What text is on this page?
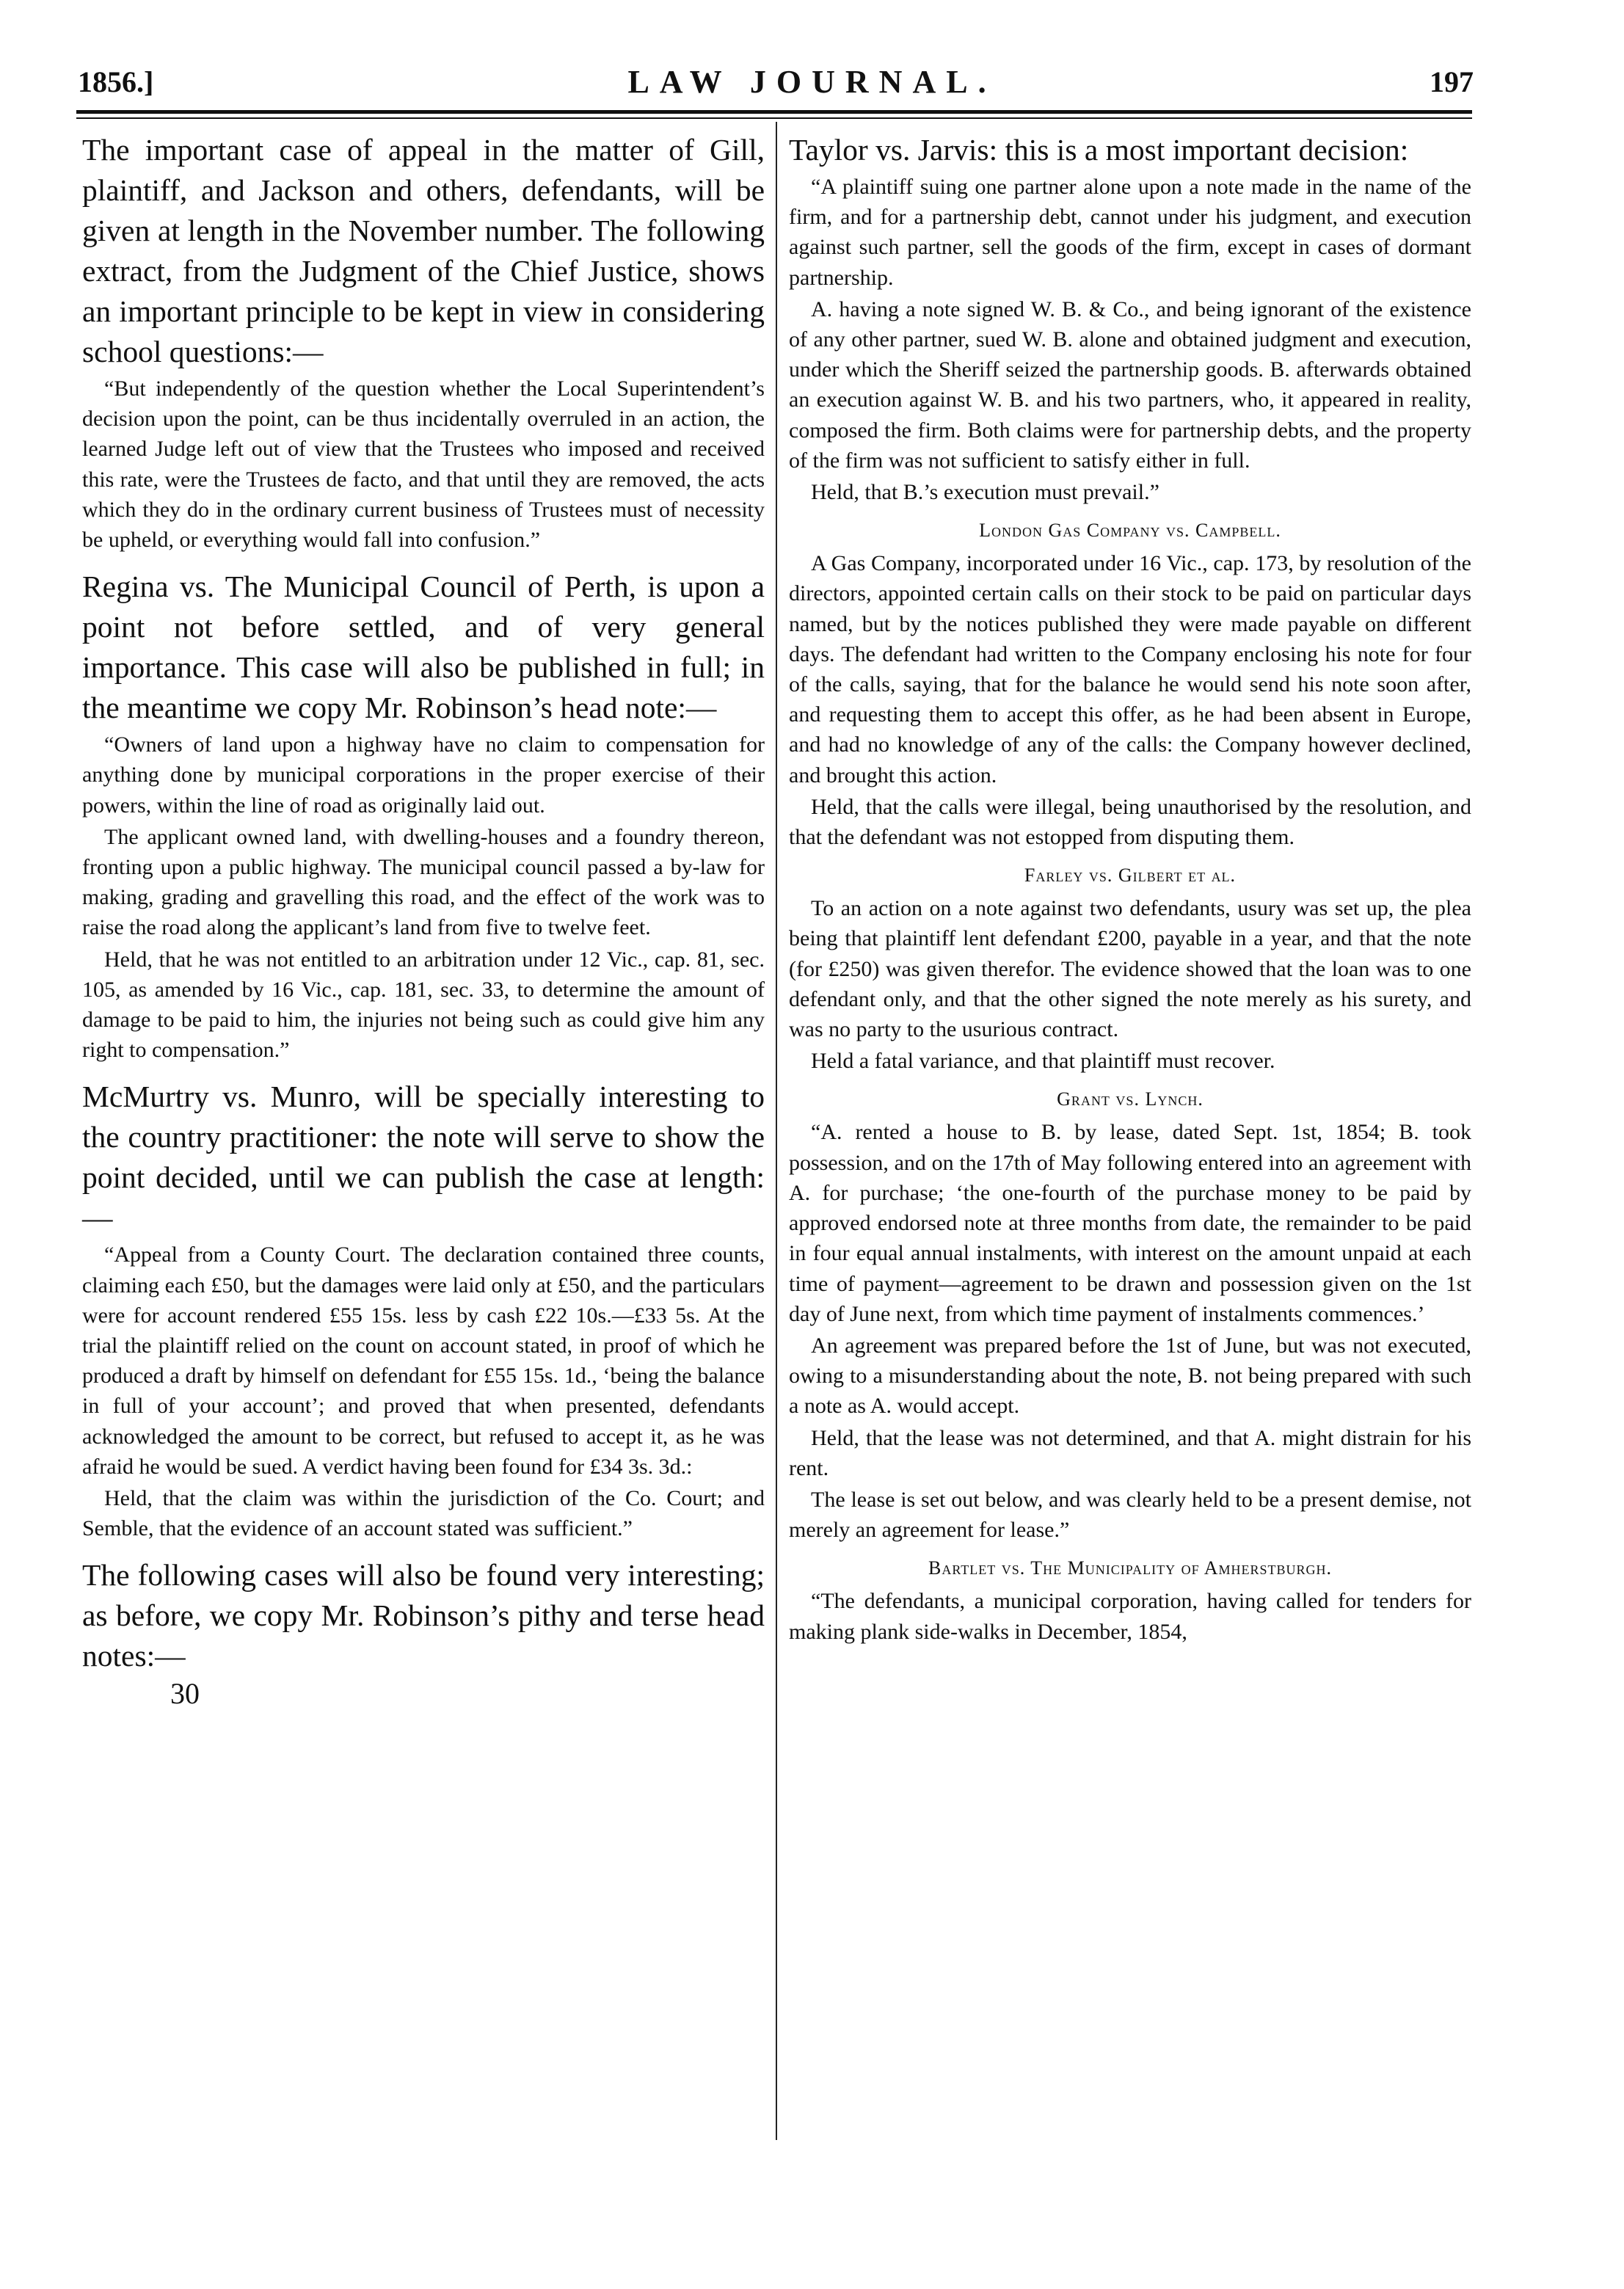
1856.]	LAW JOURNAL.	197

The important case of appeal in the matter of Gill, plaintiff, and Jackson and others, defendants, will be given at length in the November number. The following extract, from the Judgment of the Chief Justice, shows an important principle to be kept in view in considering school questions:—

“But independently of the question whether the Local Superintendent’s decision upon the point, can be thus incidentally overruled in an action, the learned Judge left out of view that the Trustees who imposed and received this rate, were the Trustees de facto, and that until they are removed, the acts which they do in the ordinary current business of Trustees must of necessity be upheld, or everything would fall into confusion.”

Regina vs. The Municipal Council of Perth, is upon a point not before settled, and of very general importance. This case will also be published in full; in the meantime we copy Mr. Robinson’s head note:—

“Owners of land upon a highway have no claim to compensation for anything done by municipal corporations in the proper exercise of their powers, within the line of road as originally laid out.

The applicant owned land, with dwelling-houses and a foundry thereon, fronting upon a public highway. The municipal council passed a by-law for making, grading and gravelling this road, and the effect of the work was to raise the road along the applicant’s land from five to twelve feet.

Held, that he was not entitled to an arbitration under 12 Vic., cap. 81, sec. 105, as amended by 16 Vic., cap. 181, sec. 33, to determine the amount of damage to be paid to him, the injuries not being such as could give him any right to compensation.”

McMurtry vs. Munro, will be specially interesting to the country practitioner: the note will serve to show the point decided, until we can publish the case at length:—

“Appeal from a County Court. The declaration contained three counts, claiming each £50, but the damages were laid only at £50, and the particulars were for account rendered £55 15s. less by cash £22 10s.—£33 5s. At the trial the plaintiff relied on the count on account stated, in proof of which he produced a draft by himself on defendant for £55 15s. 1d., ‘being the balance in full of your account’; and proved that when presented, defendants acknowledged the amount to be correct, but refused to accept it, as he was afraid he would be sued. A verdict having been found for £34 3s. 3d.:

Held, that the claim was within the jurisdiction of the Co. Court; and Semble, that the evidence of an account stated was sufficient.”

The following cases will also be found very interesting; as before, we copy Mr. Robinson’s pithy and terse head notes:—

30

Taylor vs. Jarvis: this is a most important decision:

“A plaintiff suing one partner alone upon a note made in the name of the firm, and for a partnership debt, cannot under his judgment, and execution against such partner, sell the goods of the firm, except in cases of dormant partnership.

A. having a note signed W. B. & Co., and being ignorant of the existence of any other partner, sued W. B. alone and obtained judgment and execution, under which the Sheriff seized the partnership goods. B. afterwards obtained an execution against W. B. and his two partners, who, it appeared in reality, composed the firm. Both claims were for partnership debts, and the property of the firm was not sufficient to satisfy either in full.

Held, that B.’s execution must prevail.”

London Gas Company vs. Campbell.

A Gas Company, incorporated under 16 Vic., cap. 173, by resolution of the directors, appointed certain calls on their stock to be paid on particular days named, but by the notices published they were made payable on different days. The defendant had written to the Company enclosing his note for four of the calls, saying, that for the balance he would send his note soon after, and requesting them to accept this offer, as he had been absent in Europe, and had no knowledge of any of the calls: the Company however declined, and brought this action.

Held, that the calls were illegal, being unauthorised by the resolution, and that the defendant was not estopped from disputing them.

Farley vs. Gilbert et al.

To an action on a note against two defendants, usury was set up, the plea being that plaintiff lent defendant £200, payable in a year, and that the note (for £250) was given therefor. The evidence showed that the loan was to one defendant only, and that the other signed the note merely as his surety, and was no party to the usurious contract.

Held a fatal variance, and that plaintiff must recover.

Grant vs. Lynch.

“A. rented a house to B. by lease, dated Sept. 1st, 1854; B. took possession, and on the 17th of May following entered into an agreement with A. for purchase; ‘the one-fourth of the purchase money to be paid by approved endorsed note at three months from date, the remainder to be paid in four equal annual instalments, with interest on the amount unpaid at each time of payment—agreement to be drawn and possession given on the 1st day of June next, from which time payment of instalments commences.’

An agreement was prepared before the 1st of June, but was not executed, owing to a misunderstanding about the note, B. not being prepared with such a note as A. would accept.

Held, that the lease was not determined, and that A. might distrain for his rent.

The lease is set out below, and was clearly held to be a present demise, not merely an agreement for lease.”

Bartlet vs. The Municipality of Amherstburgh.

“The defendants, a municipal corporation, having called for tenders for making plank side-walks in December, 1854,
